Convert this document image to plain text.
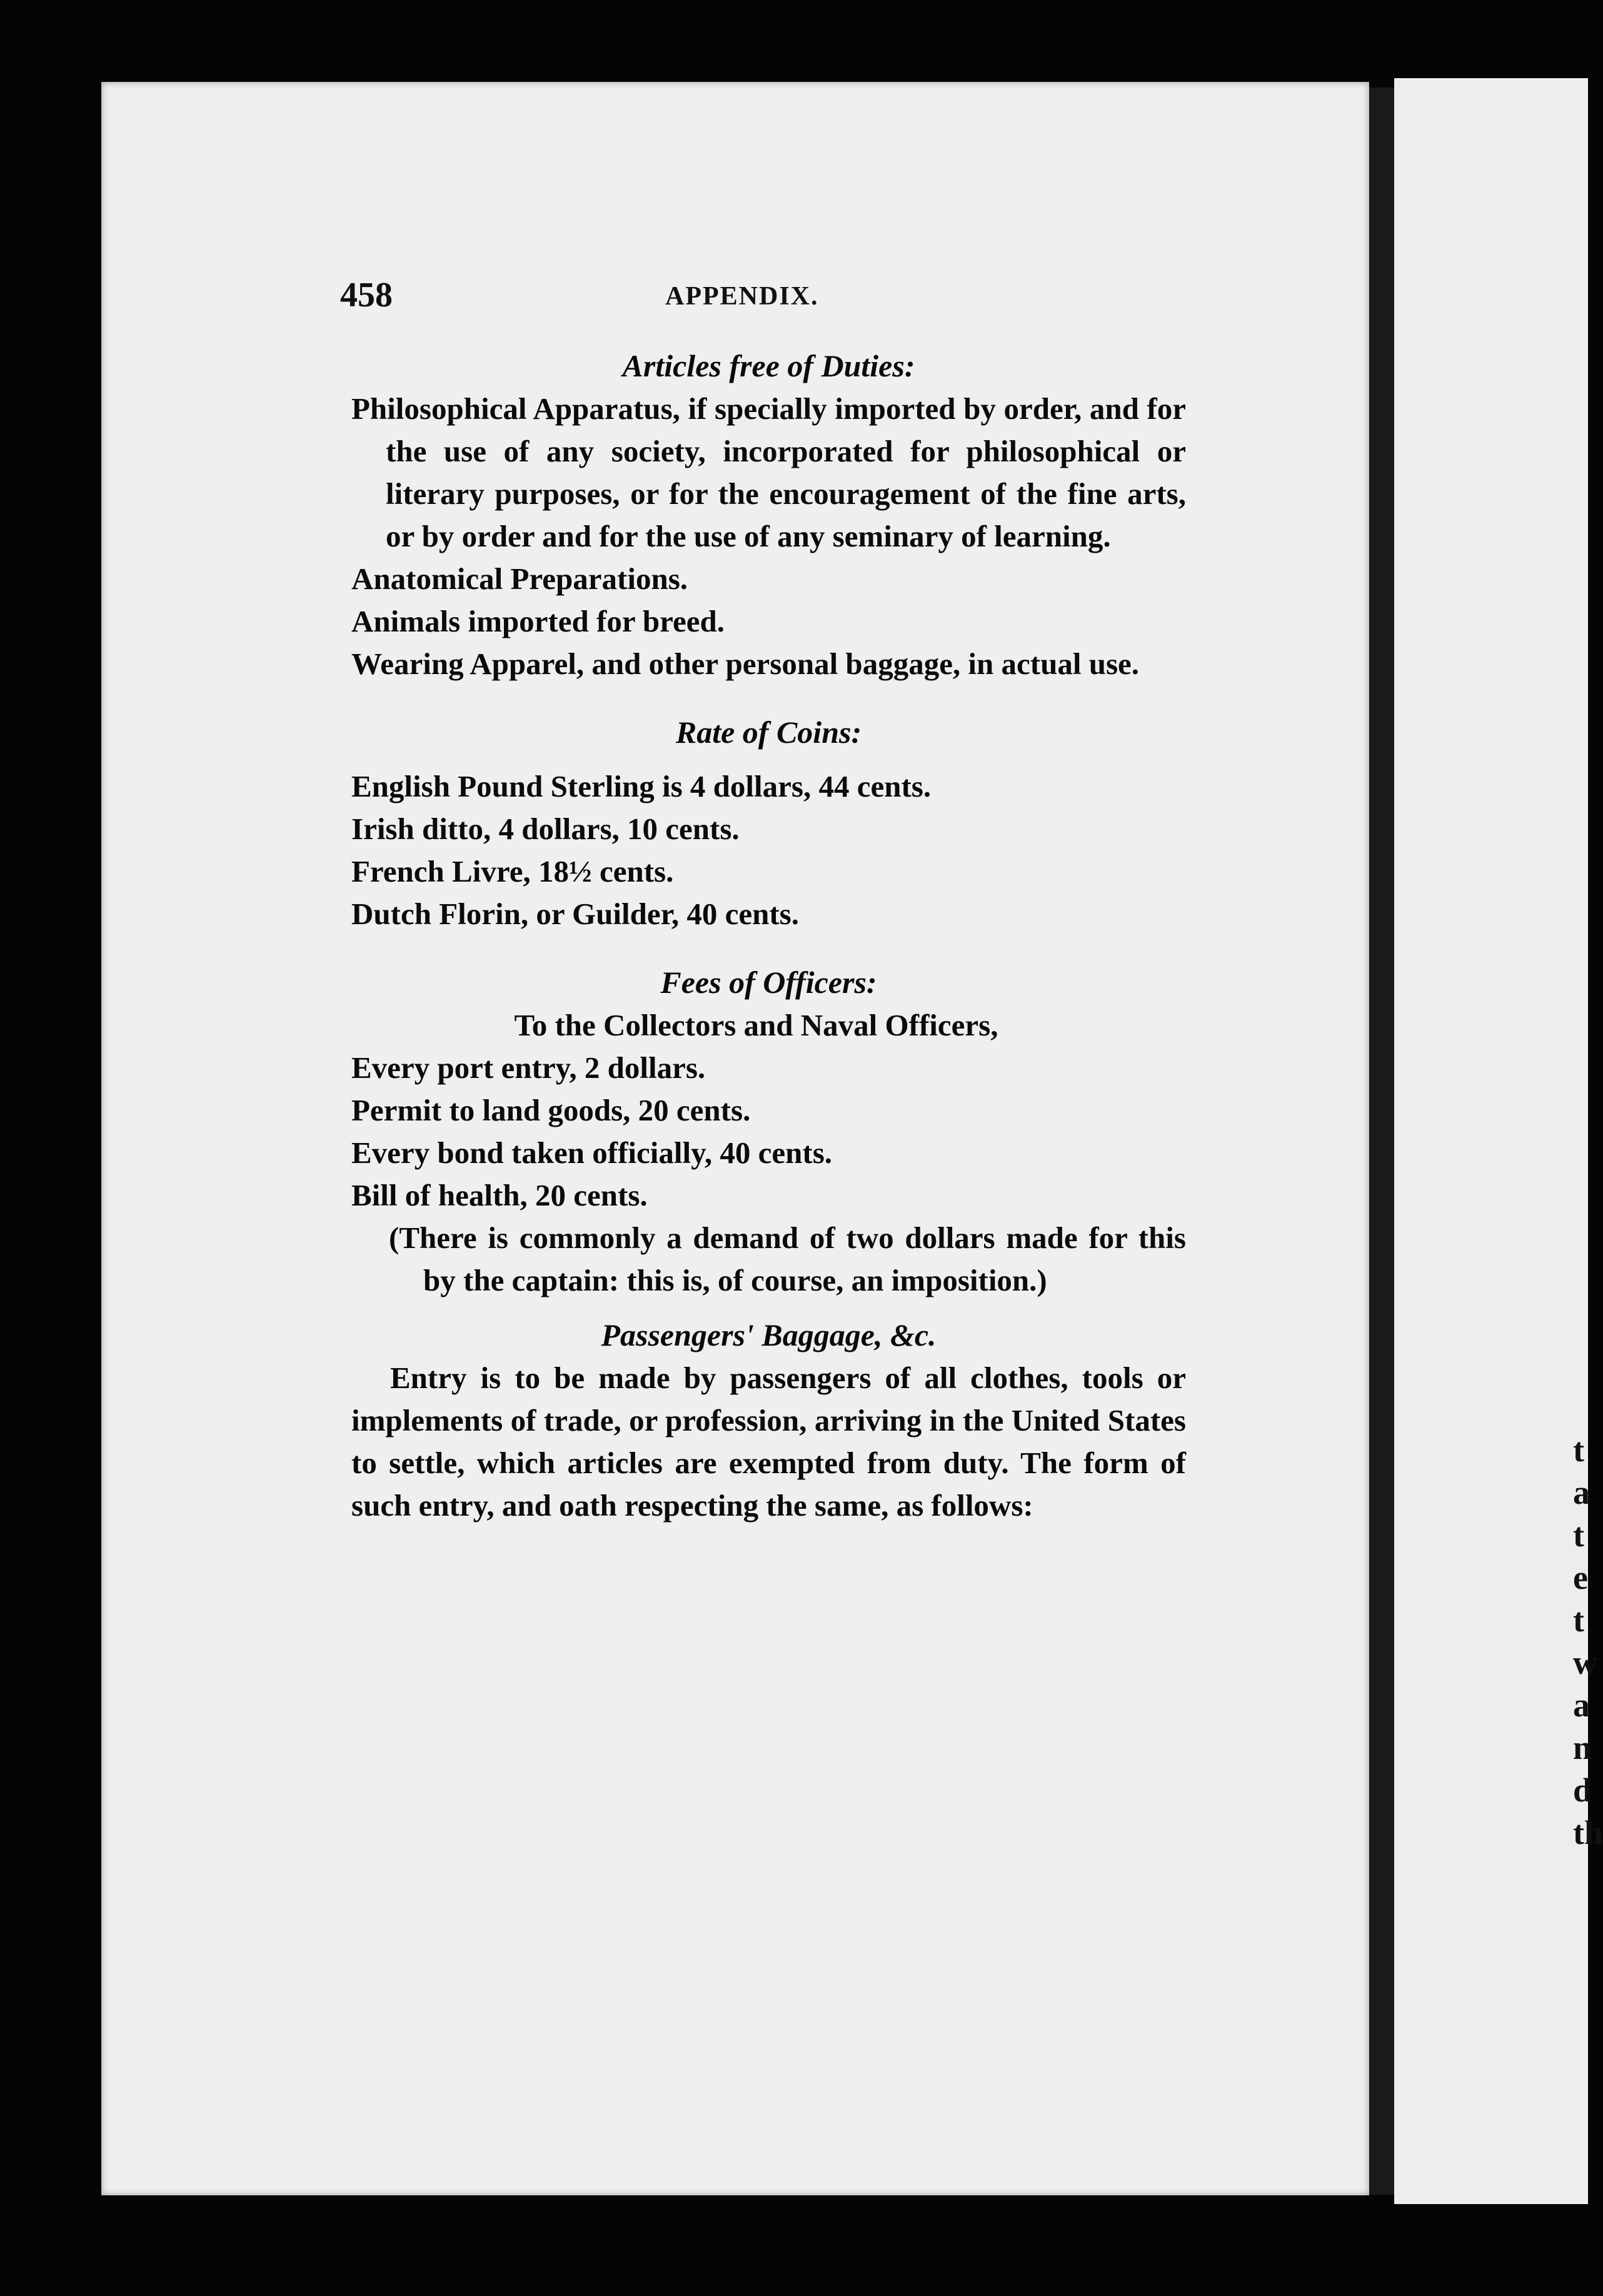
t
a
t
e
t
w
a
n
d
th
458	APPENDIX.

Articles free of Duties:

Philosophical Apparatus, if specially imported by order, and for the use of any society, incorporated for philosophical or literary purposes, or for the encouragement of the fine arts, or by order and for the use of any seminary of learning.

Anatomical Preparations.

Animals imported for breed.

Wearing Apparel, and other personal baggage, in actual use.

Rate of Coins:

English Pound Sterling is 4 dollars, 44 cents.

Irish ditto, 4 dollars, 10 cents.

French Livre, 18½ cents.

Dutch Florin, or Guilder, 40 cents.

Fees of Officers:

To the Collectors and Naval Officers,

Every port entry, 2 dollars.

Permit to land goods, 20 cents.

Every bond taken officially, 40 cents.

Bill of health, 20 cents.

(There is commonly a demand of two dollars made for this by the captain: this is, of course, an imposition.)

Passengers' Baggage, &c.

Entry is to be made by passengers of all clothes, tools or implements of trade, or profession, arriving in the United States to settle, which articles are exempted from duty. The form of such entry, and oath respecting the same, as follows:
